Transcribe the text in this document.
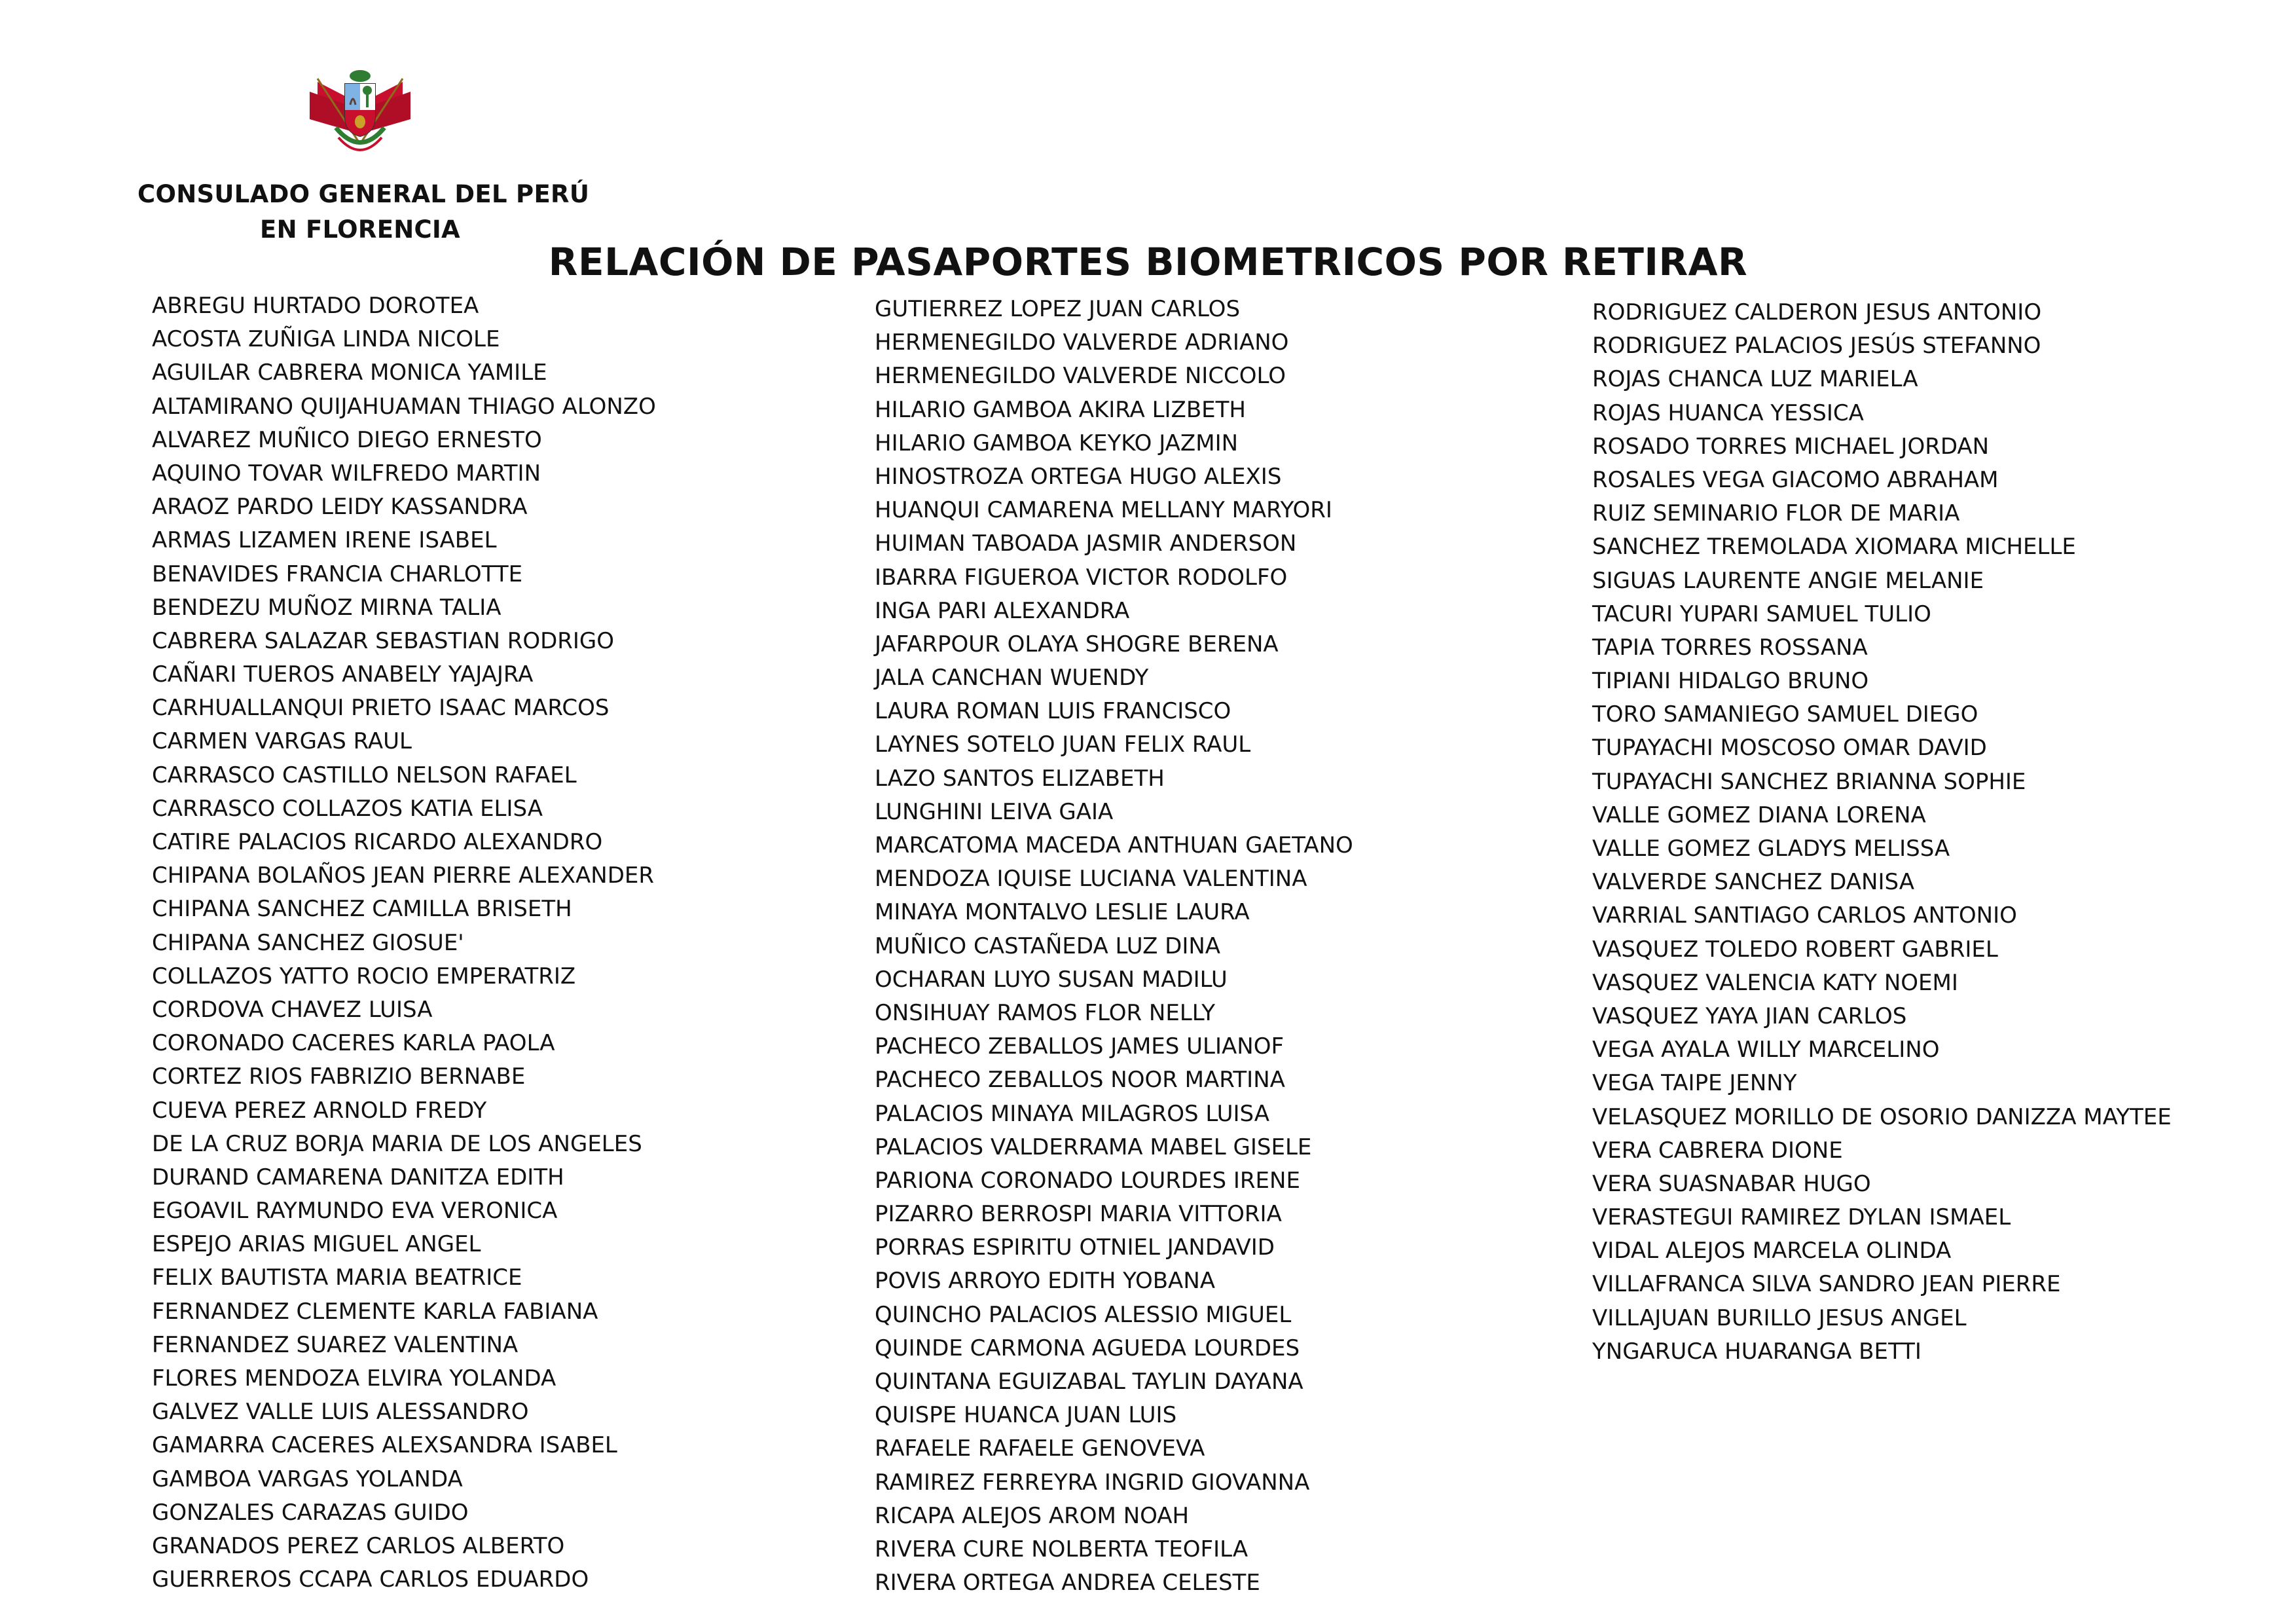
CONSULADO GENERAL DEL PERÚ
EN FLORENCIA
RELACIÓN DE PASAPORTES BIOMETRICOS POR RETIRAR
ABREGU HURTADO DOROTEA
ACOSTA ZUÑIGA LINDA NICOLE
AGUILAR CABRERA MONICA YAMILE
ALTAMIRANO QUIJAHUAMAN THIAGO ALONZO
ALVAREZ MUÑICO DIEGO ERNESTO
AQUINO TOVAR WILFREDO MARTIN
ARAOZ PARDO LEIDY KASSANDRA
ARMAS LIZAMEN IRENE ISABEL
BENAVIDES FRANCIA CHARLOTTE
BENDEZU MUÑOZ MIRNA TALIA
CABRERA SALAZAR SEBASTIAN RODRIGO
CAÑARI TUEROS ANABELY YAJAJRA
CARHUALLANQUI PRIETO ISAAC MARCOS
CARMEN VARGAS RAUL
CARRASCO CASTILLO NELSON RAFAEL
CARRASCO COLLAZOS KATIA ELISA
CATIRE PALACIOS RICARDO ALEXANDRO
CHIPANA BOLAÑOS JEAN PIERRE ALEXANDER
CHIPANA SANCHEZ CAMILLA BRISETH
CHIPANA SANCHEZ GIOSUE'
COLLAZOS YATTO ROCIO EMPERATRIZ
CORDOVA CHAVEZ LUISA
CORONADO CACERES KARLA PAOLA
CORTEZ RIOS FABRIZIO BERNABE
CUEVA PEREZ ARNOLD FREDY
DE LA CRUZ BORJA MARIA DE LOS ANGELES
DURAND CAMARENA DANITZA EDITH
EGOAVIL RAYMUNDO EVA VERONICA
ESPEJO ARIAS MIGUEL ANGEL
FELIX BAUTISTA MARIA BEATRICE
FERNANDEZ CLEMENTE KARLA FABIANA
FERNANDEZ SUAREZ VALENTINA
FLORES MENDOZA ELVIRA YOLANDA
GALVEZ VALLE LUIS ALESSANDRO
GAMARRA CACERES ALEXSANDRA ISABEL
GAMBOA VARGAS YOLANDA
GONZALES CARAZAS GUIDO
GRANADOS PEREZ CARLOS ALBERTO
GUERREROS CCAPA CARLOS EDUARDO
GUTIERREZ LOPEZ JUAN CARLOS
HERMENEGILDO VALVERDE ADRIANO
HERMENEGILDO VALVERDE NICCOLO
HILARIO GAMBOA AKIRA LIZBETH
HILARIO GAMBOA KEYKO JAZMIN
HINOSTROZA ORTEGA HUGO ALEXIS
HUANQUI CAMARENA MELLANY MARYORI
HUIMAN TABOADA JASMIR ANDERSON
IBARRA FIGUEROA VICTOR RODOLFO
INGA PARI ALEXANDRA
JAFARPOUR OLAYA SHOGRE BERENA
JALA CANCHAN WUENDY
LAURA ROMAN LUIS FRANCISCO
LAYNES SOTELO JUAN FELIX RAUL
LAZO SANTOS ELIZABETH
LUNGHINI LEIVA GAIA
MARCATOMA MACEDA ANTHUAN GAETANO
MENDOZA IQUISE LUCIANA VALENTINA
MINAYA MONTALVO LESLIE LAURA
MUÑICO CASTAÑEDA LUZ DINA
OCHARAN LUYO SUSAN MADILU
ONSIHUAY RAMOS FLOR NELLY
PACHECO ZEBALLOS JAMES ULIANOF
PACHECO ZEBALLOS NOOR MARTINA
PALACIOS MINAYA MILAGROS LUISA
PALACIOS VALDERRAMA MABEL GISELE
PARIONA CORONADO LOURDES IRENE
PIZARRO BERROSPI MARIA VITTORIA
PORRAS ESPIRITU OTNIEL JANDAVID
POVIS ARROYO EDITH YOBANA
QUINCHO PALACIOS ALESSIO MIGUEL
QUINDE CARMONA AGUEDA LOURDES
QUINTANA EGUIZABAL TAYLIN DAYANA
QUISPE HUANCA JUAN LUIS
RAFAELE RAFAELE GENOVEVA
RAMIREZ FERREYRA INGRID GIOVANNA
RICAPA ALEJOS AROM NOAH
RIVERA CURE NOLBERTA TEOFILA
RIVERA ORTEGA ANDREA CELESTE
RODRIGUEZ CALDERON JESUS ANTONIO
RODRIGUEZ PALACIOS JESÚS STEFANNO
ROJAS CHANCA LUZ MARIELA
ROJAS HUANCA YESSICA
ROSADO TORRES MICHAEL JORDAN
ROSALES VEGA GIACOMO ABRAHAM
RUIZ SEMINARIO FLOR DE MARIA
SANCHEZ TREMOLADA XIOMARA MICHELLE
SIGUAS LAURENTE ANGIE MELANIE
TACURI YUPARI SAMUEL TULIO
TAPIA TORRES ROSSANA
TIPIANI HIDALGO BRUNO
TORO SAMANIEGO SAMUEL DIEGO
TUPAYACHI MOSCOSO OMAR DAVID
TUPAYACHI SANCHEZ BRIANNA SOPHIE
VALLE GOMEZ DIANA LORENA
VALLE GOMEZ GLADYS MELISSA
VALVERDE SANCHEZ DANISA
VARRIAL SANTIAGO CARLOS ANTONIO
VASQUEZ TOLEDO ROBERT GABRIEL
VASQUEZ VALENCIA KATY NOEMI
VASQUEZ YAYA JIAN CARLOS
VEGA AYALA WILLY MARCELINO
VEGA TAIPE JENNY
VELASQUEZ MORILLO DE OSORIO DANIZZA MAYTEE
VERA CABRERA DIONE
VERA SUASNABAR HUGO
VERASTEGUI RAMIREZ DYLAN ISMAEL
VIDAL ALEJOS MARCELA OLINDA
VILLAFRANCA SILVA SANDRO JEAN PIERRE
VILLAJUAN BURILLO JESUS ANGEL
YNGARUCA HUARANGA BETTI
